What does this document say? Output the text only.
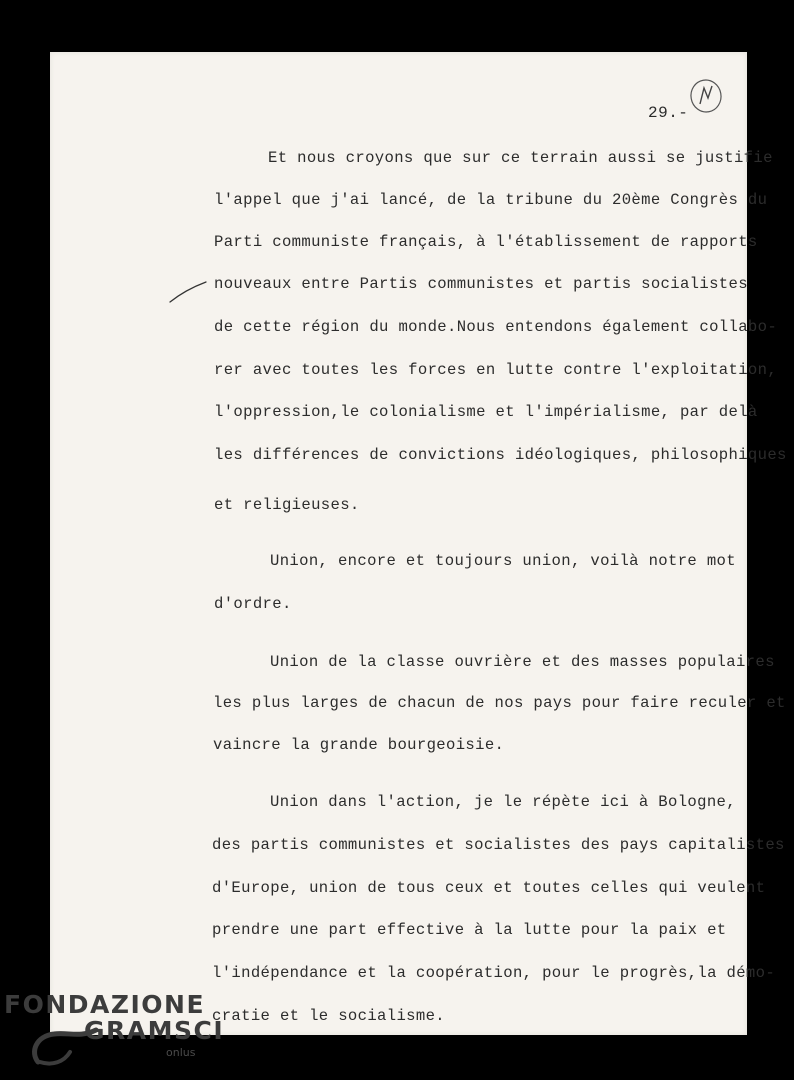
29.-
Et nous croyons que sur ce terrain aussi se justifie
l'appel que j'ai lancé, de la tribune du 20ème Congrès du
Parti communiste français, à l'établissement de rapports
nouveaux entre Partis communistes et partis socialistes
de cette région du monde.Nous entendons également collabo-
rer avec toutes les forces en lutte contre l'exploitation,
l'oppression,le colonialisme et l'impérialisme, par delà
les différences de convictions idéologiques, philosophiques
et religieuses.
Union, encore et toujours union, voilà notre mot
d'ordre.
Union de la classe ouvrière et des masses populaires
les plus larges de chacun de nos pays pour faire reculer et
vaincre la grande bourgeoisie.
Union dans l'action, je le répète ici à Bologne,
des partis communistes et socialistes des pays capitalistes
d'Europe, union de tous ceux et toutes celles qui veulent
prendre une part effective à la lutte pour la paix et
l'indépendance et la coopération, pour le progrès,la démo-
cratie et le socialisme.
FONDAZIONE
GRAMSCI
onlus
